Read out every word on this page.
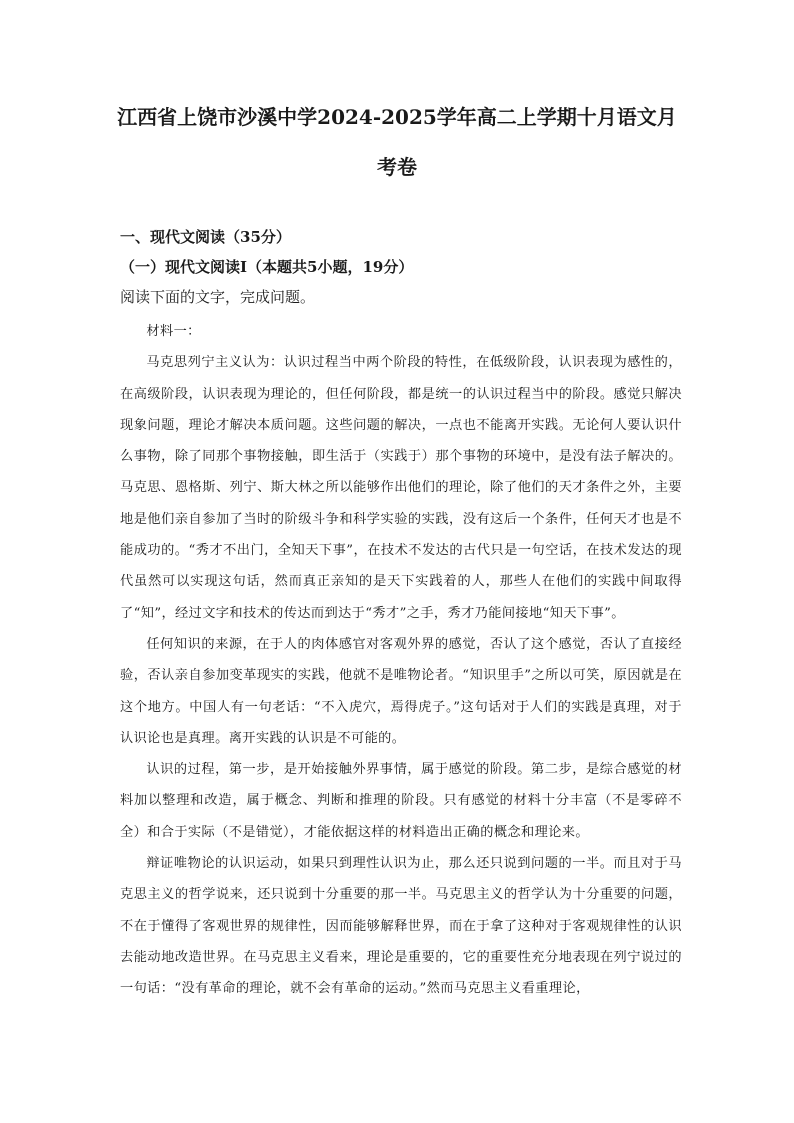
江西省上饶市沙溪中学2024-2025学年高二上学期十月语文月
考卷
一、现代文阅读（35分）
（一）现代文阅读Ⅰ（本题共5小题，19分）
阅读下面的文字，完成问题。

材料一：

马克思列宁主义认为：认识过程当中两个阶段的特性，在低级阶段，认识表现为感性的，在高级阶段，认识表现为理论的，但任何阶段，都是统一的认识过程当中的阶段。感觉只解决现象问题，理论才解决本质问题。这些问题的解决，一点也不能离开实践。无论何人要认识什么事物，除了同那个事物接触，即生活于（实践于）那个事物的环境中，是没有法子解决的。马克思、恩格斯、列宁、斯大林之所以能够作出他们的理论，除了他们的天才条件之外，主要地是他们亲自参加了当时的阶级斗争和科学实验的实践，没有这后一个条件，任何天才也是不能成功的。“秀才不出门，全知天下事”，在技术不发达的古代只是一句空话，在技术发达的现代虽然可以实现这句话，然而真正亲知的是天下实践着的人，那些人在他们的实践中间取得了“知”，经过文字和技术的传达而到达于“秀才”之手，秀才乃能间接地“知天下事”。

任何知识的来源，在于人的肉体感官对客观外界的感觉，否认了这个感觉，否认了直接经验，否认亲自参加变革现实的实践，他就不是唯物论者。“知识里手”之所以可笑，原因就是在这个地方。中国人有一句老话：“不入虎穴，焉得虎子。”这句话对于人们的实践是真理，对于认识论也是真理。离开实践的认识是不可能的。

认识的过程，第一步，是开始接触外界事情，属于感觉的阶段。第二步，是综合感觉的材料加以整理和改造，属于概念、判断和推理的阶段。只有感觉的材料十分丰富（不是零碎不全）和合于实际（不是错觉），才能依据这样的材料造出正确的概念和理论来。

辩证唯物论的认识运动，如果只到理性认识为止，那么还只说到问题的一半。而且对于马克思主义的哲学说来，还只说到十分重要的那一半。马克思主义的哲学认为十分重要的问题，不在于懂得了客观世界的规律性，因而能够解释世界，而在于拿了这种对于客观规律性的认识去能动地改造世界。在马克思主义看来，理论是重要的，它的重要性充分地表现在列宁说过的一句话：“没有革命的理论，就不会有革命的运动。”然而马克思主义看重理论，
